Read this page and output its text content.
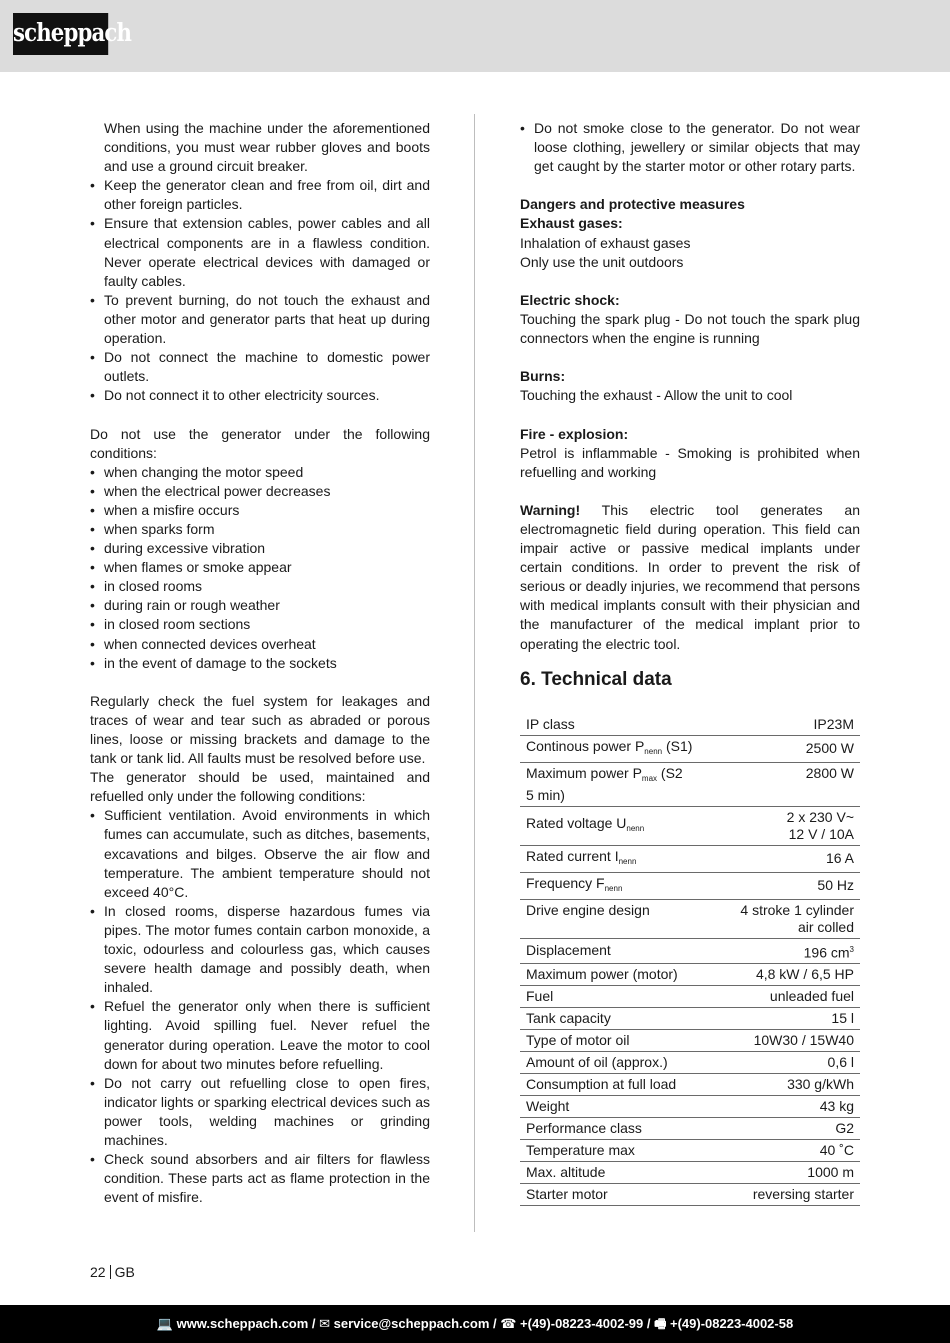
scheppach

When using the machine under the aforementioned conditions, you must wear rubber gloves and boots and use a ground circuit breaker.

• Keep the generator clean and free from oil, dirt and other foreign particles.
• Ensure that extension cables, power cables and all electrical components are in a flawless condition. Never operate electrical devices with damaged or faulty cables.
• To prevent burning, do not touch the exhaust and other motor and generator parts that heat up during operation.
• Do not connect the machine to domestic power outlets.
• Do not connect it to other electricity sources.

Do not use the generator under the following conditions:

• when changing the motor speed
• when the electrical power decreases
• when a misfire occurs
• when sparks form
• during excessive vibration
• when flames or smoke appear
• in closed rooms
• during rain or rough weather
• in closed room sections
• when connected devices overheat
• in the event of damage to the sockets

Regularly check the fuel system for leakages and traces of wear and tear such as abraded or porous lines, loose or missing brackets and damage to the tank or tank lid. All faults must be resolved before use.

The generator should be used, maintained and refuelled only under the following conditions:

• Sufficient ventilation. Avoid environments in which fumes can accumulate, such as ditches, basements, excavations and bilges. Observe the air flow and temperature. The ambient temperature should not exceed 40°C.
• In closed rooms, disperse hazardous fumes via pipes. The motor fumes contain carbon monoxide, a toxic, odourless and colourless gas, which causes severe health damage and possibly death, when inhaled.
• Refuel the generator only when there is sufficient lighting. Avoid spilling fuel. Never refuel the generator during operation. Leave the motor to cool down for about two minutes before refuelling.
• Do not carry out refuelling close to open fires, indicator lights or sparking electrical devices such as power tools, welding machines or grinding machines.
• Check sound absorbers and air filters for flawless condition. These parts act as flame protection in the event of misfire.
• Do not smoke close to the generator. Do not wear loose clothing, jewellery or similar objects that may get caught by the starter motor or other rotary parts.

Dangers and protective measures

Exhaust gases:

Inhalation of exhaust gases

Only use the unit outdoors

Electric shock:

Touching the spark plug - Do not touch the spark plug connectors when the engine is running

Burns:

Touching the exhaust - Allow the unit to cool

Fire - explosion:

Petrol is inflammable - Smoking is prohibited when refuelling and working

Warning! This electric tool generates an electromagnetic field during operation. This field can impair active or passive medical implants under certain conditions. In order to prevent the risk of serious or deadly injuries, we recommend that persons with medical implants consult with their physician and the manufacturer of the medical implant prior to operating the electric tool.

6. Technical data
IP class	IP23M
Continous power $P_{nenn}$ (S1)	2500 W
Maximum power $P_{max}$ (S2 5 min)	2800 W
Rated voltage $U_{nenn}$	2 x 230 V~
12 V / 10A
Rated current $I_{nenn}$	16 A
Frequency $F_{nenn}$	50 Hz
Drive engine design	4 stroke 1 cylinder air colled
Displacement	196 $cm^3$
Maximum power (motor)	4,8 kW / 6,5 HP
Fuel	unleaded fuel
Tank capacity	15 l
Type of motor oil	10W30 / 15W40
Amount of oil (approx.)	0,6 l
Consumption at full load	330 g/kWh
Weight	43 kg
Performance class	G2
Temperature max	40 ˚C
Max. altitude	1000 m
Starter motor	reversing starter
22 GB
💻 www.scheppach.com / ✉ service@scheppach.com / ☎ +(49)-08223-4002-99 / 🖷 +(49)-08223-4002-58
